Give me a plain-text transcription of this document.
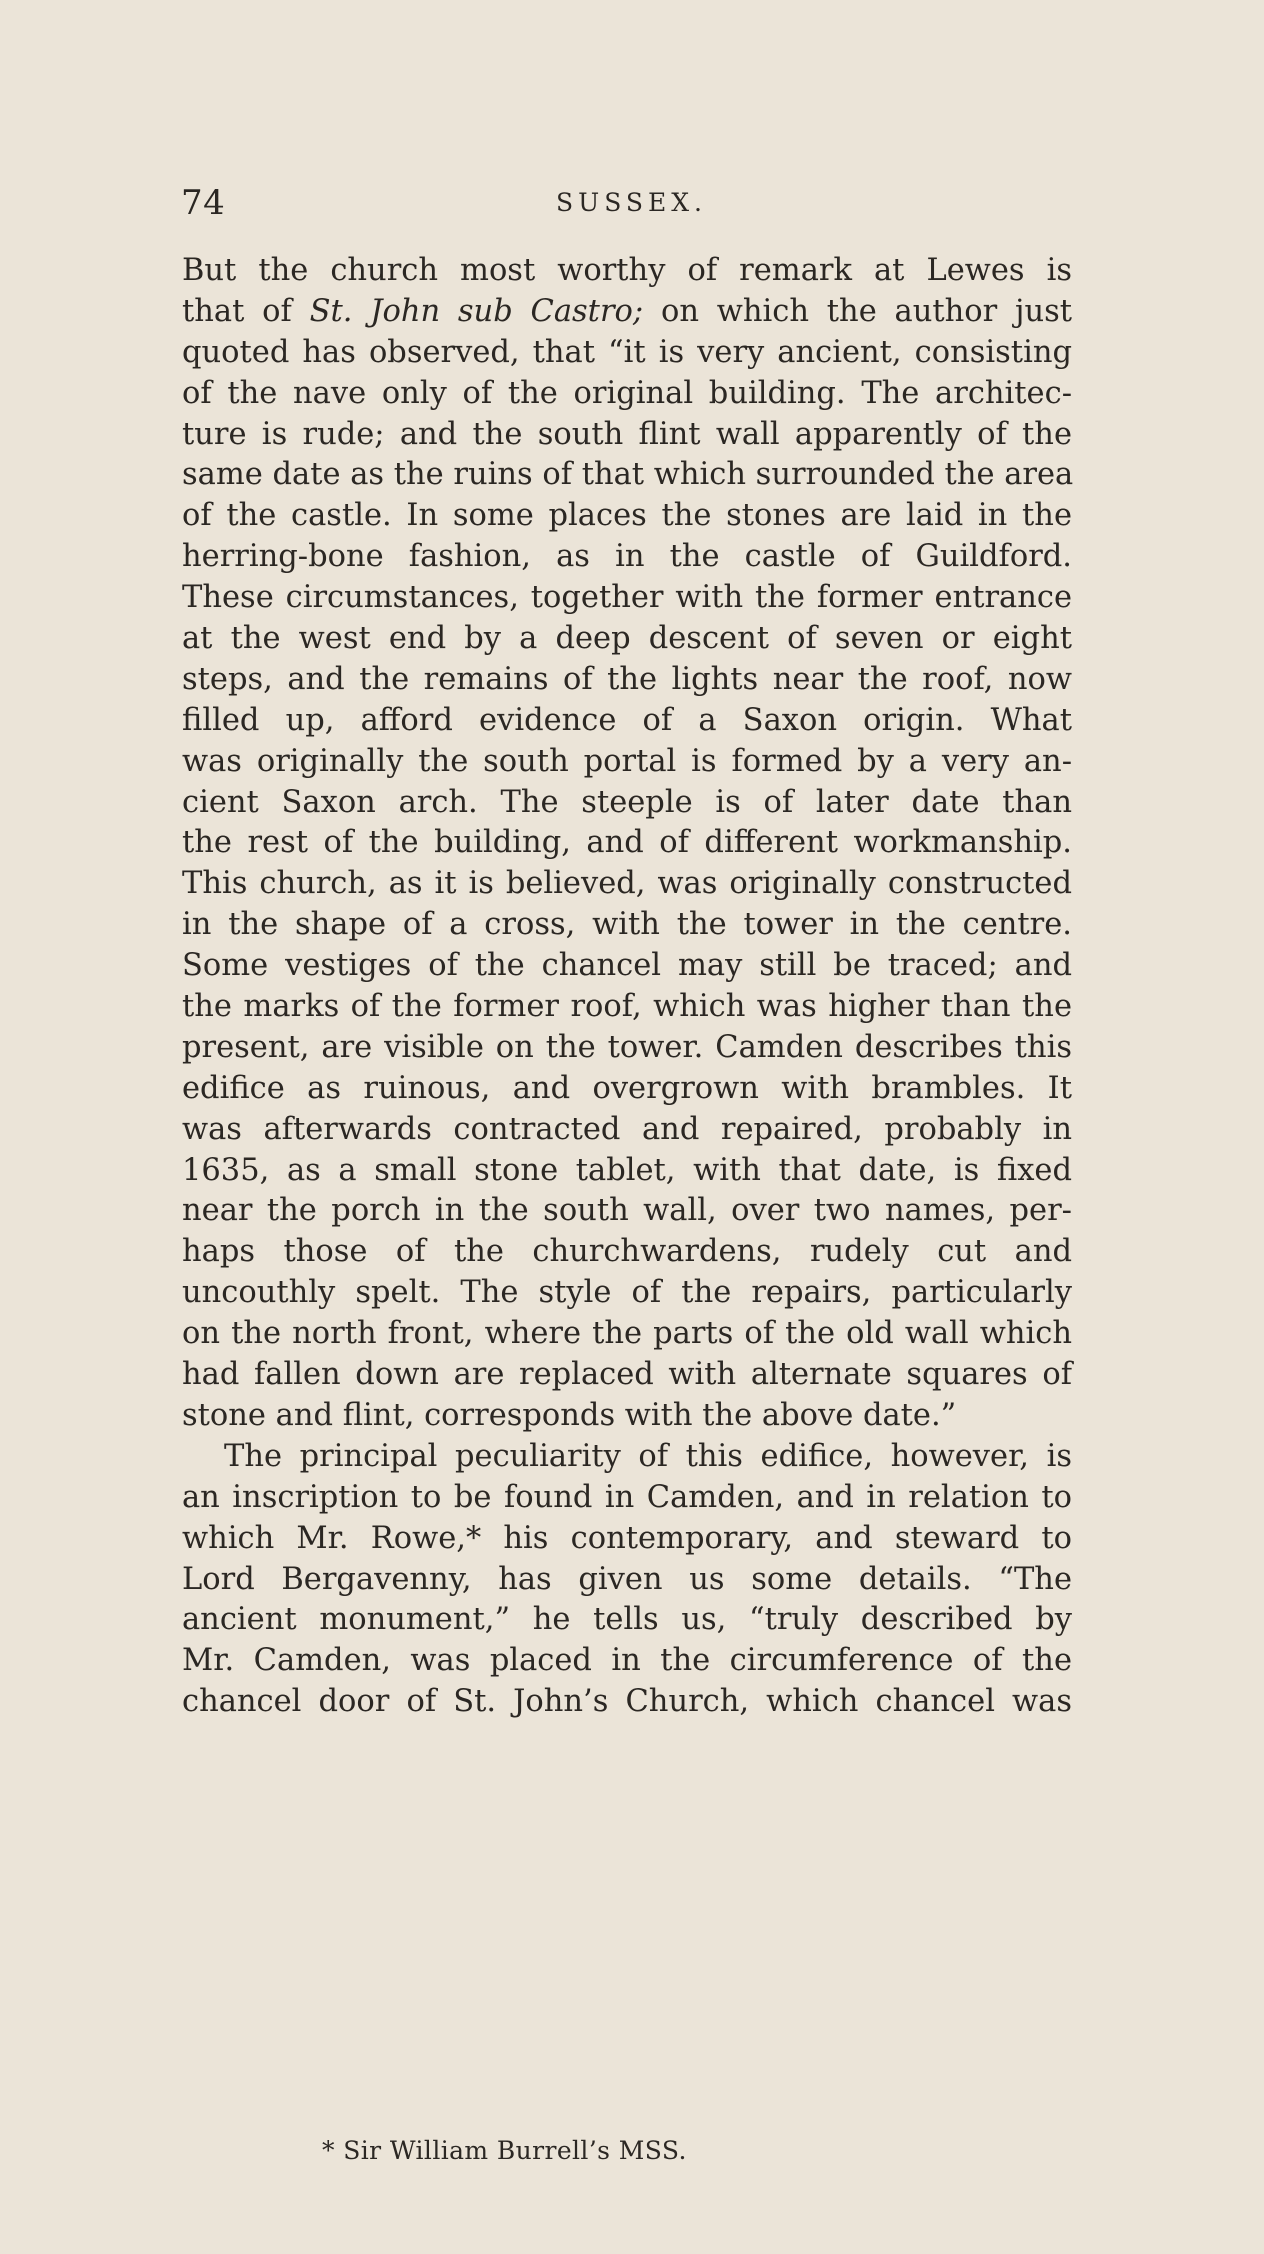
74	SUSSEX.
But the church most worthy of remark at Lewes is
that of St. John sub Castro; on which the author just
quoted has observed, that “it is very ancient, consisting
of the nave only of the original building. The architec-
ture is rude; and the south flint wall apparently of the
same date as the ruins of that which surrounded the area
of the castle. In some places the stones are laid in the
herring-bone fashion, as in the castle of Guildford.
These circumstances, together with the former entrance
at the west end by a deep descent of seven or eight
steps, and the remains of the lights near the roof, now
filled up, afford evidence of a Saxon origin. What
was originally the south portal is formed by a very an-
cient Saxon arch. The steeple is of later date than
the rest of the building, and of different workmanship.
This church, as it is believed, was originally constructed
in the shape of a cross, with the tower in the centre.
Some vestiges of the chancel may still be traced; and
the marks of the former roof, which was higher than the
present, are visible on the tower. Camden describes this
edifice as ruinous, and overgrown with brambles. It
was afterwards contracted and repaired, probably in
1635, as a small stone tablet, with that date, is fixed
near the porch in the south wall, over two names, per-
haps those of the churchwardens, rudely cut and
uncouthly spelt. The style of the repairs, particularly
on the north front, where the parts of the old wall which
had fallen down are replaced with alternate squares of
stone and flint, corresponds with the above date.”
The principal peculiarity of this edifice, however, is
an inscription to be found in Camden, and in relation to
which Mr. Rowe,* his contemporary, and steward to
Lord Bergavenny, has given us some details. “The
ancient monument,” he tells us, “truly described by
Mr. Camden, was placed in the circumference of the
chancel door of St. John’s Church, which chancel was
* Sir William Burrell’s MSS.
